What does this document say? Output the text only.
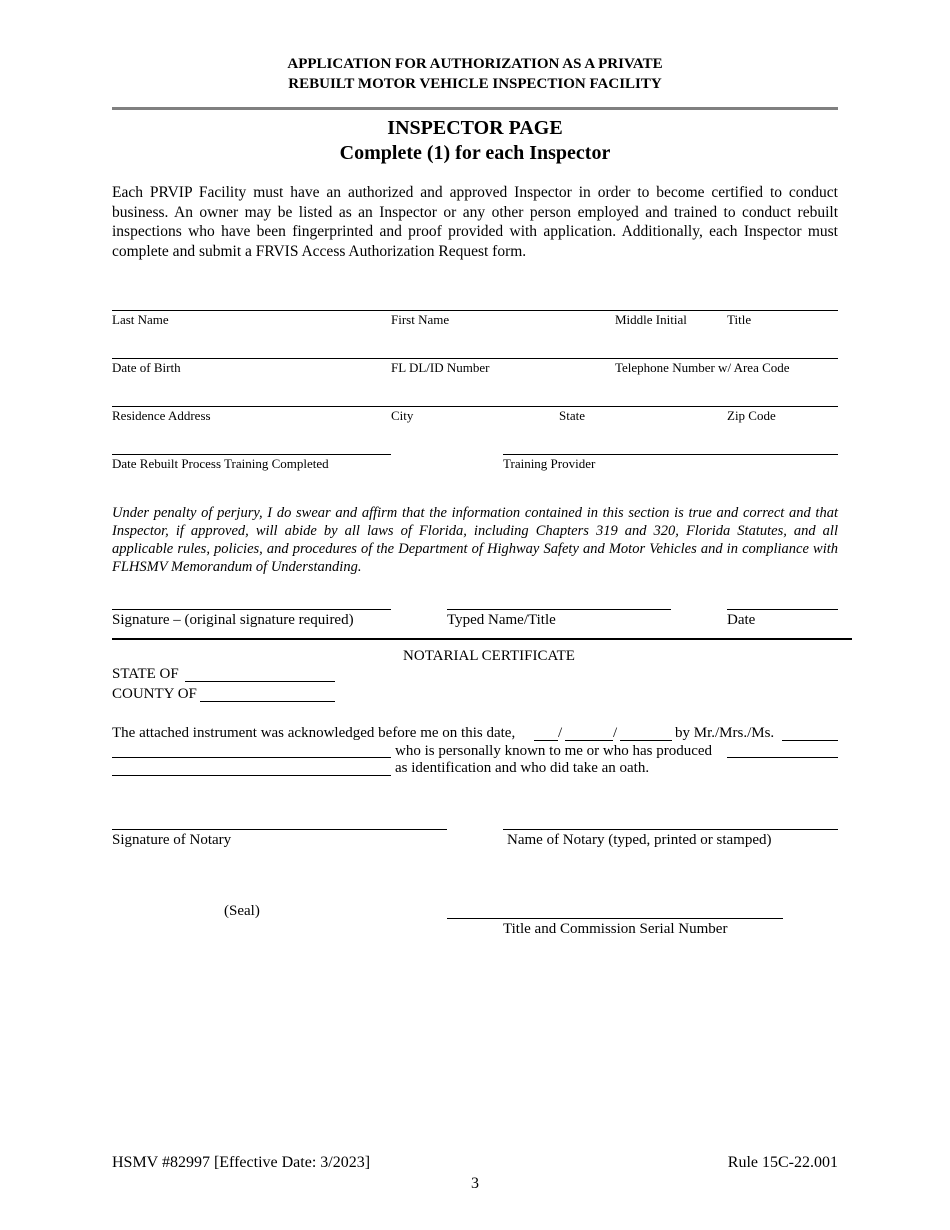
APPLICATION FOR AUTHORIZATION AS A PRIVATE
REBUILT MOTOR VEHICLE INSPECTION FACILITY
INSPECTOR PAGE
Complete (1) for each Inspector
Each PRVIP Facility must have an authorized and approved Inspector in order to become certified to conduct business. An owner may be listed as an Inspector or any other person employed and trained to conduct rebuilt inspections who have been fingerprinted and proof provided with application. Additionally, each Inspector must complete and submit a FRVIS Access Authorization Request form.
Last Name	First Name	Middle Initial	Title
Date of Birth	FL DL/ID Number	Telephone Number w/ Area Code
Residence Address	City	State	Zip Code
Date Rebuilt Process Training Completed	Training Provider
Under penalty of perjury, I do swear and affirm that the information contained in this section is true and correct and that Inspector, if approved, will abide by all laws of Florida, including Chapters 319 and 320, Florida Statutes, and all applicable rules, policies, and procedures of the Department of Highway Safety and Motor Vehicles and in compliance with FLHSMV Memorandum of Understanding.
Signature – (original signature required)	Typed Name/Title	Date
NOTARIAL CERTIFICATE
STATE OF
COUNTY OF
The attached instrument was acknowledged before me on this date,	/	/	by Mr./Mrs./Ms.
who is personally known to me or who has produced
as identification and who did take an oath.
Signature of Notary	Name of Notary (typed, printed or stamped)
(Seal)
Title and Commission Serial Number
HSMV #82997 [Effective Date: 3/2023]	Rule 15C-22.001
3
